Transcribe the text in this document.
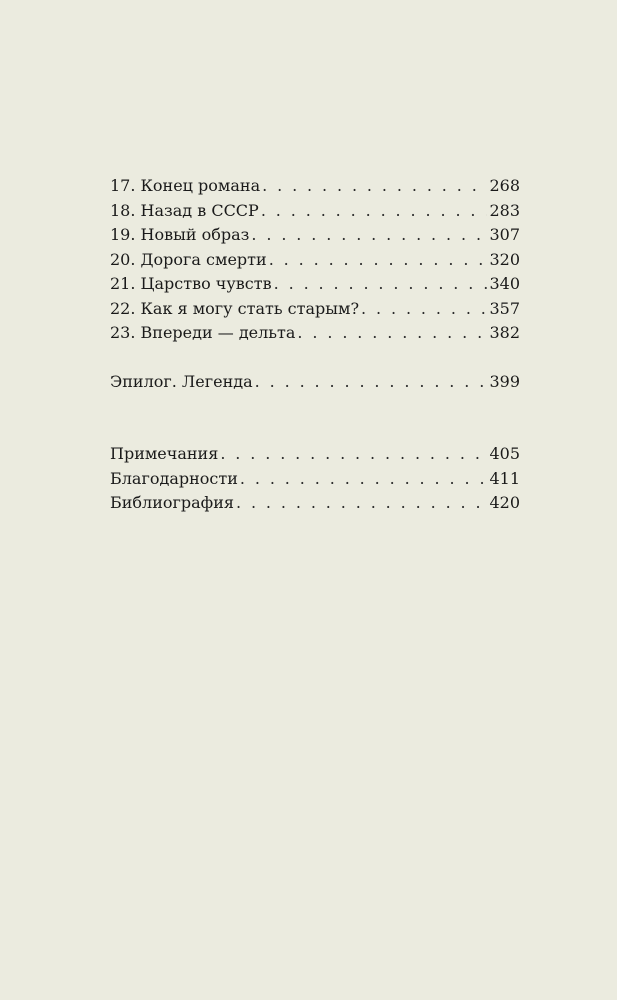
17. Конец романа . . .	268
18. Назад в СССР . . .	283
19. Новый образ . . .	307
20. Дорога смерти . . .	320
21. Царство чувств . . .	340
22. Как я могу стать старым? . . .	357
23. Впереди — дельта . . .	382
Эпилог. Легенда . . .	399
Примечания . . .	405
Благодарности . . .	411
Библиография . . .	420
